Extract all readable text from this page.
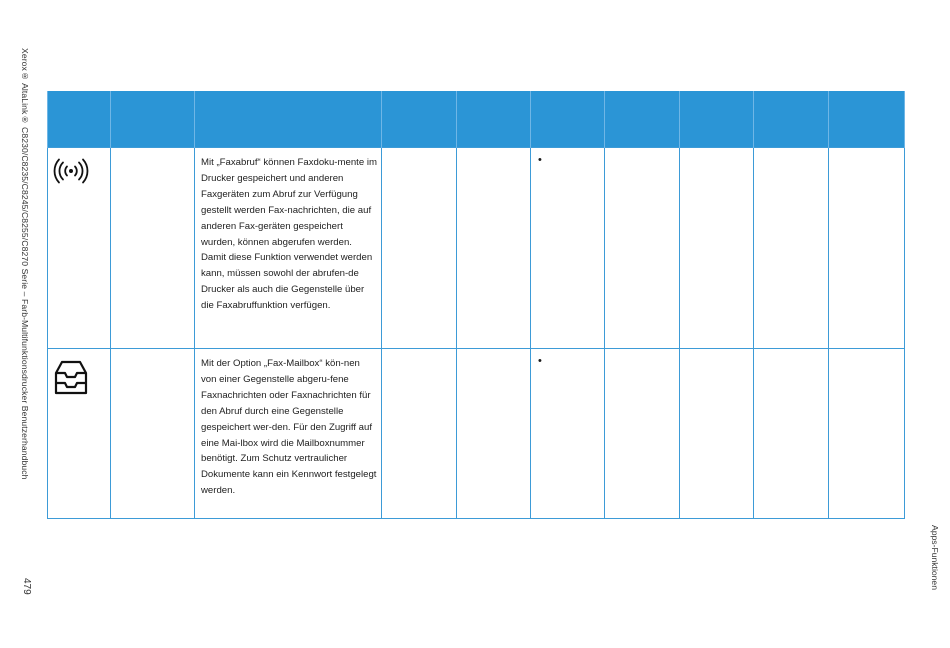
Xerox® AltaLink® C8230/C8235/C8245/C8255/C8270 Serie – Farb-Multifunktionsdrucker Benutzerhandbuch
479	Apps-Funktionen

		Mit „Faxabruf“ können Faxdoku-mente im Drucker gespeichert und anderen Faxgeräten zum Abruf zur Verfügung gestellt werden Fax-nachrichten, die auf anderen Fax-geräten gespeichert wurden, können abgerufen werden. Damit diese Funktion verwendet werden kann, müssen sowohl der abrufen-de Drucker als auch die Gegenstelle über die Faxabruffunktion verfügen.			•				

		Mit der Option „Fax-Mailbox“ kön-nen von einer Gegenstelle abgeru-fene Faxnachrichten oder Faxnachrichten für den Abruf durch eine Gegenstelle gespeichert wer-den. Für den Zugriff auf eine Mai-lbox wird die Mailboxnummer benötigt. Zum Schutz vertraulicher Dokumente kann ein Kennwort festgelegt werden.			•				
